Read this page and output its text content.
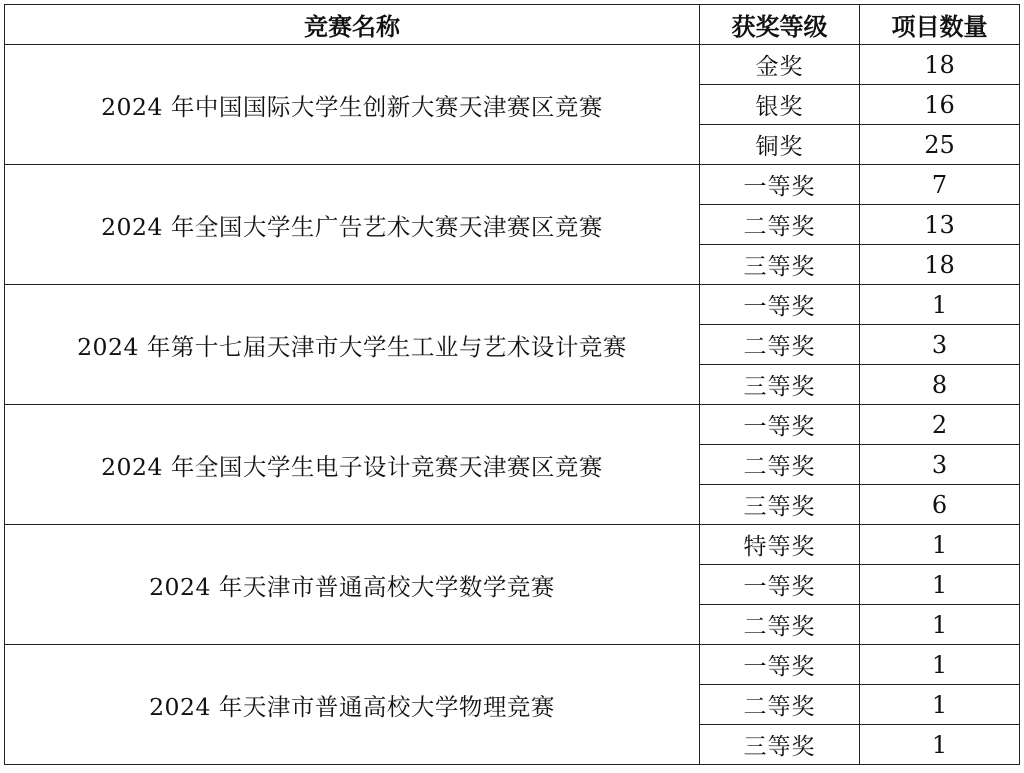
竞赛名称	获奖等级	项目数量
2024 年中国国际大学生创新大赛天津赛区竞赛	金奖	18
	银奖	16
	铜奖	25
2024 年全国大学生广告艺术大赛天津赛区竞赛	一等奖	7
	二等奖	13
	三等奖	18
2024 年第十七届天津市大学生工业与艺术设计竞赛	一等奖	1
	二等奖	3
	三等奖	8
2024 年全国大学生电子设计竞赛天津赛区竞赛	一等奖	2
	二等奖	3
	三等奖	6
2024 年天津市普通高校大学数学竞赛	特等奖	1
	一等奖	1
	二等奖	1
2024 年天津市普通高校大学物理竞赛	一等奖	1
	二等奖	1
	三等奖	1
